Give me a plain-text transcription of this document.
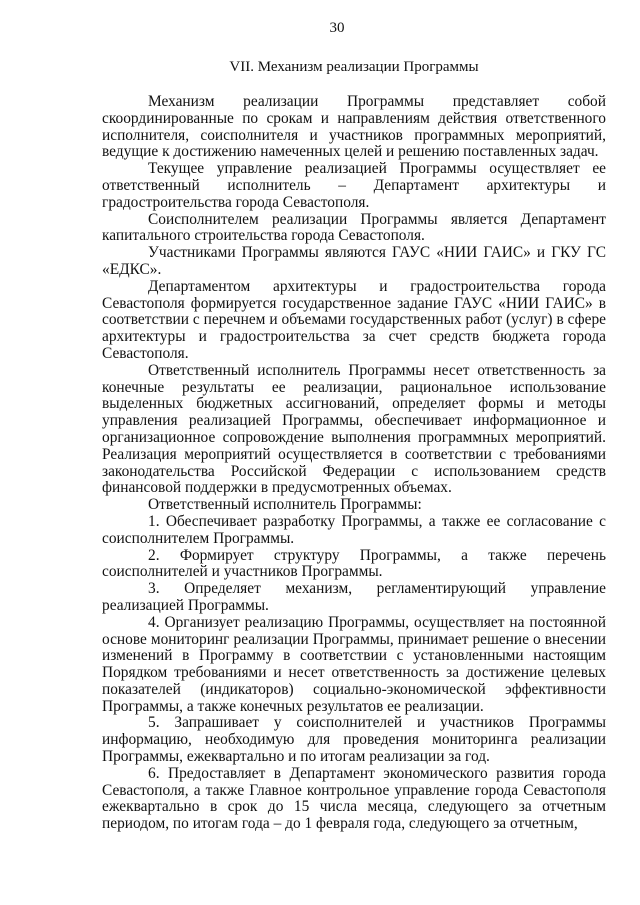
30
VII. Механизм реализации Программы

Механизм реализации Программы представляет собой скоординированные по срокам и направлениям действия ответственного исполнителя, соисполнителя и участников программных мероприятий, ведущие к достижению намеченных целей и решению поставленных задач.

Текущее управление реализацией Программы осуществляет ее ответственный исполнитель – Департамент архитектуры и градостроительства города Севастополя.

Соисполнителем реализации Программы является Департамент капитального строительства города Севастополя.

Участниками Программы являются ГАУС «НИИ ГАИС» и ГКУ ГС «ЕДКС».

Департаментом архитектуры и градостроительства города Севастополя формируется государственное задание ГАУС «НИИ ГАИС» в соответствии с перечнем и объемами государственных работ (услуг) в сфере архитектуры и градостроительства за счет средств бюджета города Севастополя.

Ответственный исполнитель Программы несет ответственность за конечные результаты ее реализации, рациональное использование выделенных бюджетных ассигнований, определяет формы и методы управления реализацией Программы, обеспечивает информационное и организационное сопровождение выполнения программных мероприятий. Реализация мероприятий осуществляется в соответствии с требованиями законодательства Российской Федерации с использованием средств финансовой поддержки в предусмотренных объемах.

Ответственный исполнитель Программы:

1. Обеспечивает разработку Программы, а также ее согласование с соисполнителем Программы.

2. Формирует структуру Программы, а также перечень соисполнителей и участников Программы.

3. Определяет механизм, регламентирующий управление реализацией Программы.

4. Организует реализацию Программы, осуществляет на постоянной основе мониторинг реализации Программы, принимает решение о внесении изменений в Программу в соответствии с установленными настоящим Порядком требованиями и несет ответственность за достижение целевых показателей (индикаторов) социально-экономической эффективности Программы, а также конечных результатов ее реализации.

5. Запрашивает у соисполнителей и участников Программы информацию, необходимую для проведения мониторинга реализации Программы, ежеквартально и по итогам реализации за год.

6. Предоставляет в Департамент экономического развития города Севастополя, а также Главное контрольное управление города Севастополя ежеквартально в срок до 15 числа месяца, следующего за отчетным периодом, по итогам года – до 1 февраля года, следующего за отчетным,
